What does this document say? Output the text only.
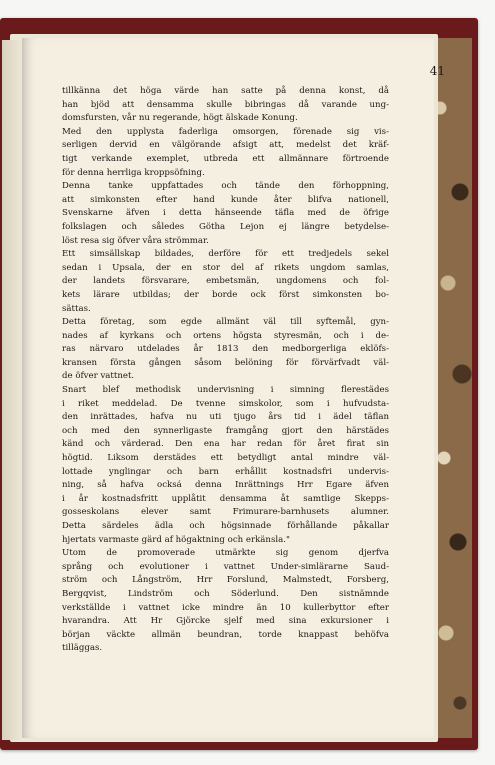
41
tillkänna det höga värde han satte på denna konst, då
han bjöd att densamma skulle bibringas då varande ung-
domsfursten, vår nu regerande, högt älskade Konung.
Med den upplysta faderliga omsorgen, förenade sig vis-
serligen dervid en välgörande afsigt att, medelst det kräf-
tigt verkande exemplet, utbreda ett allmännare förtroende
för denna herrliga kroppsöfning.
Denna tanke uppfattades och tände den förhoppning,
att simkonsten efter hand kunde åter blifva nationell,
Svenskarne äfven i detta hänseende täfla med de öfrige
folkslagen och således Götha Lejon ej längre betydelse-
löst resa sig öfver våra strömmar.
Ett simsällskap bildades, derföre för ett tredjedels sekel
sedan i Upsala, der en stor del af rikets ungdom samlas,
der landets försvarare, embetsmän, ungdomens och fol-
kets lärare utbildas; der borde ock först simkonsten bo-
sättas.
Detta företag, som egde allmänt väl till syftemål, gyn-
nades af kyrkans och ortens högsta styresmän, och i de-
ras närvaro utdelades år 1813 den medborgerliga eklöfs-
kransen första gången såsom belöning för förvärfvadt väl-
de öfver vattnet.
Snart blef methodisk undervisning i simning flerestädes
i riket meddelad. De tvenne simskolor, som i hufvudsta-
den inrättades, hafva nu uti tjugo års tid i ädel täflan
och med den synnerligaste framgång gjort den härstädes
känd och värderad. Den ena har redan för året firat sin
högtid. Liksom derstädes ett betydligt antal mindre väl-
lottade ynglingar och barn erhållit kostnadsfri undervis-
ning, så hafva ocksá denna Inrättnings Hrr Egare äfven
i år kostnadsfritt upplåtit densamma åt samtlige Skepps-
gosseskolans elever samt Frimurare-barnhusets alumner.
Detta särdeles ädla och högsinnade förhållande påkallar
hjertats varmaste gärd af högaktning och erkänsla."
Utom de promoverade utmärkte sig genom djerfva
språng och evolutioner i vattnet Under-simlärarne Saud-
ström och Långström, Hrr Forslund, Malmstedt, Forsberg,
Bergqvist, Lindström och Söderlund. Den sistnämnde
verkställde i vattnet icke mindre än 10 kullerbyttor efter
hvarandra. Att Hr Gjörcke sjelf med sina exkursioner i
början väckte allmän beundran, torde knappast behöfva
tilläggas.
